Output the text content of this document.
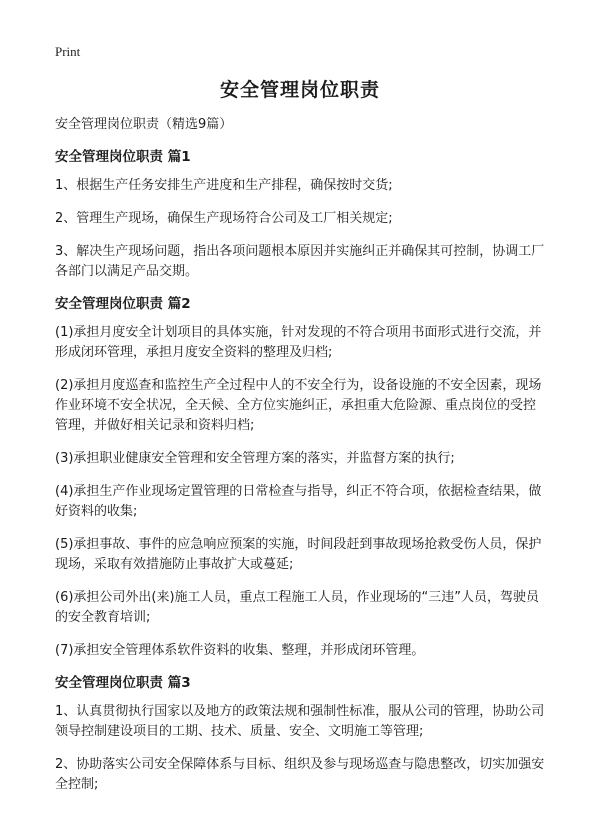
Print
安全管理岗位职责
安全管理岗位职责（精选9篇）
安全管理岗位职责 篇1

1、根据生产任务安排生产进度和生产排程，确保按时交货;

2、管理生产现场，确保生产现场符合公司及工厂相关规定;

3、解决生产现场问题，指出各项问题根本原因并实施纠正并确保其可控制，协调工厂各部门以满足产品交期。

安全管理岗位职责 篇2

(1)承担月度安全计划项目的具体实施，针对发现的不符合项用书面形式进行交流，并形成闭环管理，承担月度安全资料的整理及归档;

(2)承担月度巡查和监控生产全过程中人的不安全行为，设备设施的不安全因素，现场作业环境不安全状况，全天候、全方位实施纠正，承担重大危险源、重点岗位的受控管理，并做好相关记录和资料归档;

(3)承担职业健康安全管理和安全管理方案的落实，并监督方案的执行;

(4)承担生产作业现场定置管理的日常检查与指导，纠正不符合项，依据检查结果，做好资料的收集;

(5)承担事故、事件的应急响应预案的实施，时间段赶到事故现场抢救受伤人员，保护现场，采取有效措施防止事故扩大或蔓延;

(6)承担公司外出(来)施工人员，重点工程施工人员，作业现场的“三违”人员，驾驶员的安全教育培训;

(7)承担安全管理体系软件资料的收集、整理，并形成闭环管理。

安全管理岗位职责 篇3

1、认真贯彻执行国家以及地方的政策法规和强制性标准，服从公司的管理，协助公司领导控制建设项目的工期、技术、质量、安全、文明施工等管理;

2、协助落实公司安全保障体系与目标、组织及参与现场巡查与隐患整改，切实加强安全控制;
